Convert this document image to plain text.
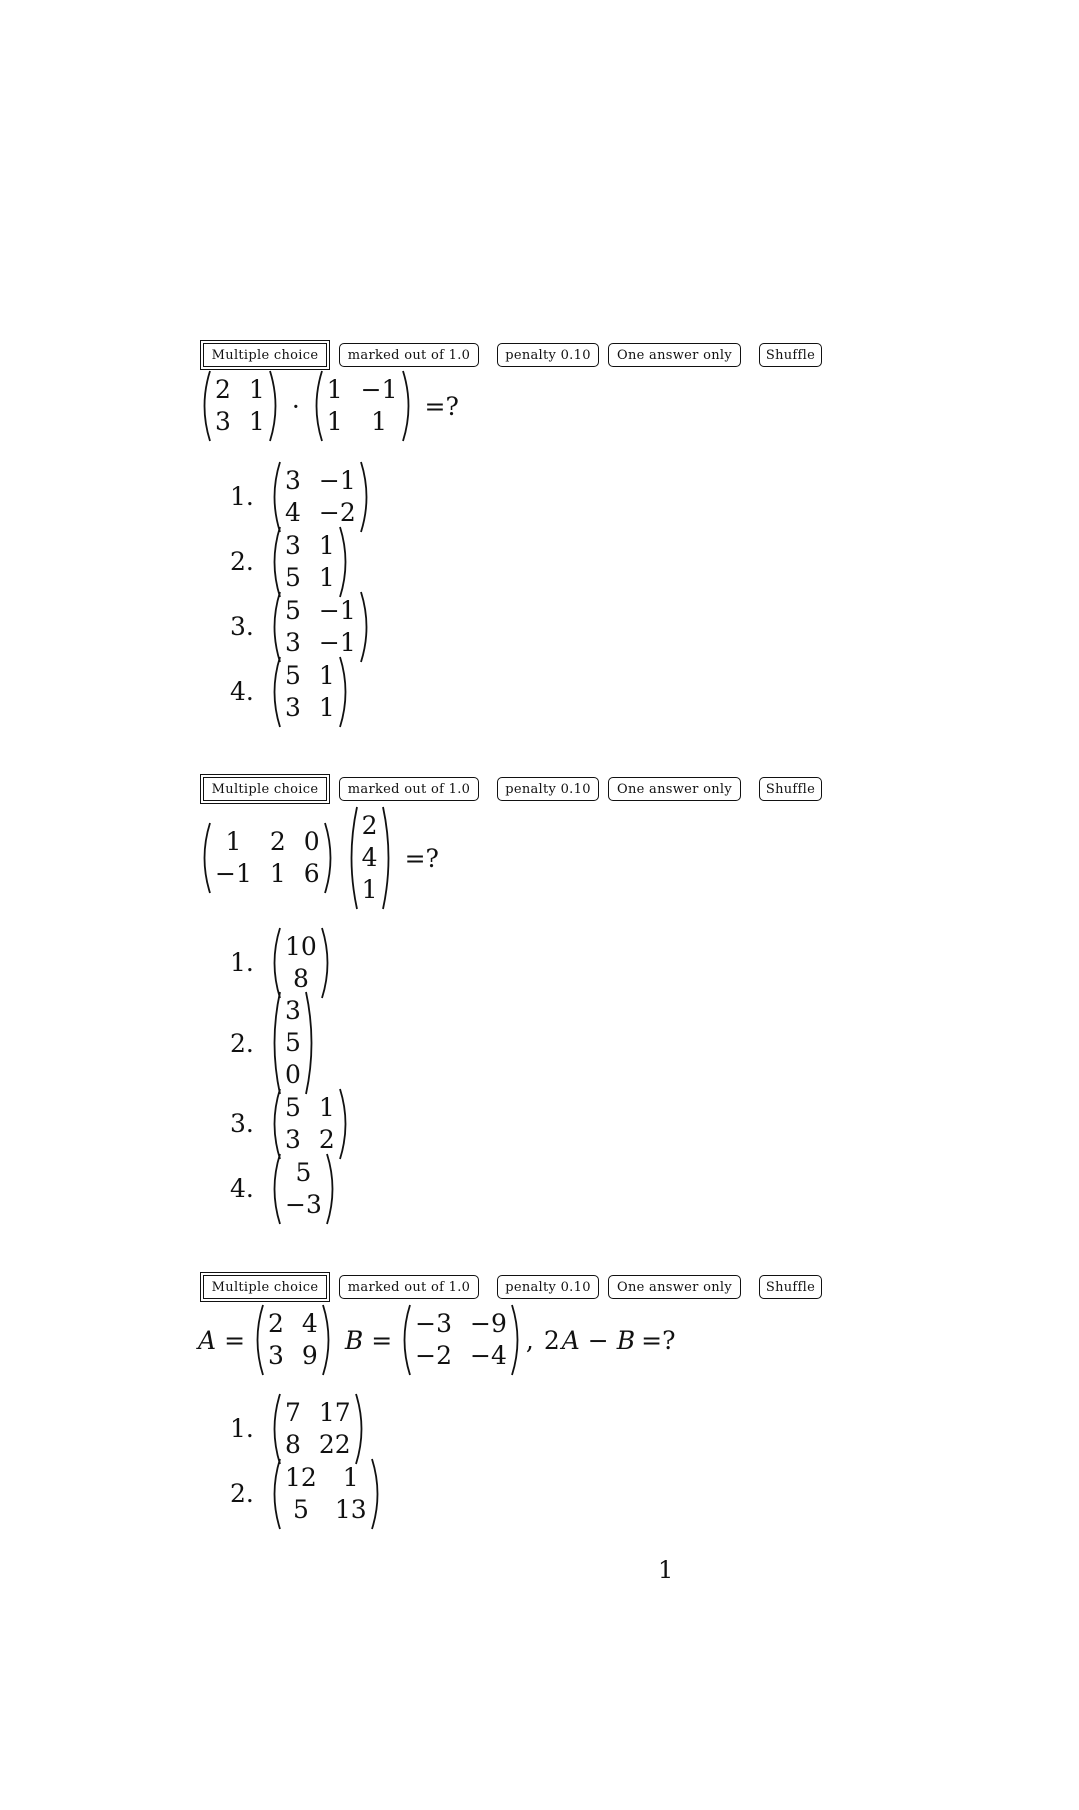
Multiple choice	marked out of 1.0	penalty 0.10	One answer only	Shuffle
2 1
3 1
·
1 −1
1	1
=?
1.
3 −1
4 −2
2.
3 1
5 1
3.
5 −1
3 −1
4.
5 1
3 1
Multiple choice	marked out of 1.0	penalty 0.10	One answer only	Shuffle
1	2 0
−1 1 6
2
4
1
=?
1.
10
8
2.
3
5
0
3.
5 1
3 2
4.
5
−3
Multiple choice	marked out of 1.0	penalty 0.10	One answer only	Shuffle
A =
2 4
3 9
B =
−3 −9
−2 −4
, 2 A − B =?
1.
7 17
8 22
2.
12	1
5	13
1
